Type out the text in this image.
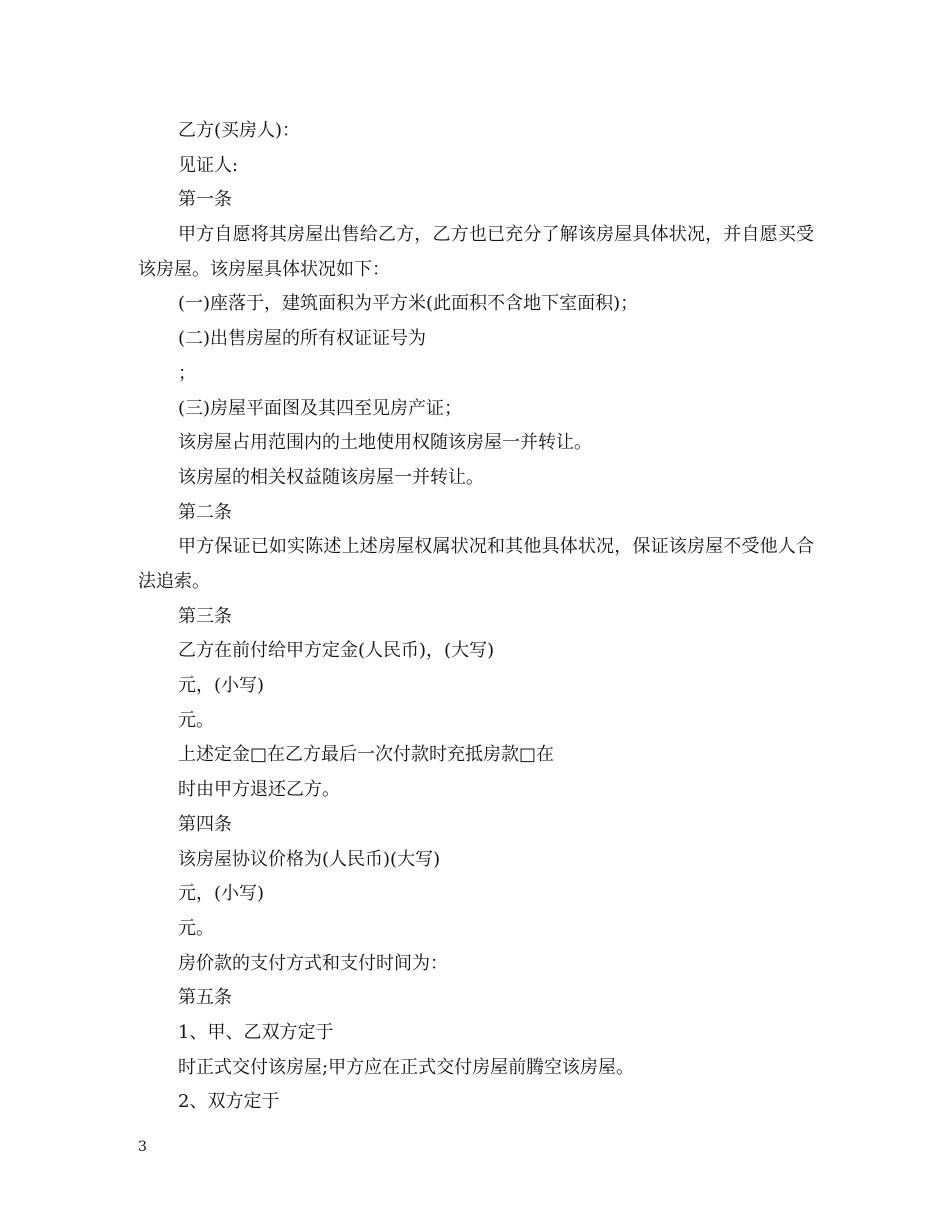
乙方(买房人)：
见证人:
第一条
甲方自愿将其房屋出售给乙方，乙方也已充分了解该房屋具体状况，并自愿买受该房屋。该房屋具体状况如下：
(一)座落于，建筑面积为平方米(此面积不含地下室面积)；
(二)出售房屋的所有权证证号为
；
(三)房屋平面图及其四至见房产证；
该房屋占用范围内的土地使用权随该房屋一并转让。
该房屋的相关权益随该房屋一并转让。
第二条
甲方保证已如实陈述上述房屋权属状况和其他具体状况，保证该房屋不受他人合法追索。
第三条
乙方在前付给甲方定金(人民币)，(大写)
元，(小写)
元。
上述定金□在乙方最后一次付款时充抵房款□在
时由甲方退还乙方。
第四条
该房屋协议价格为(人民币)(大写)
元，(小写)
元。
房价款的支付方式和支付时间为：
第五条
1、甲、乙双方定于
时正式交付该房屋;甲方应在正式交付房屋前腾空该房屋。
2、双方定于
3
